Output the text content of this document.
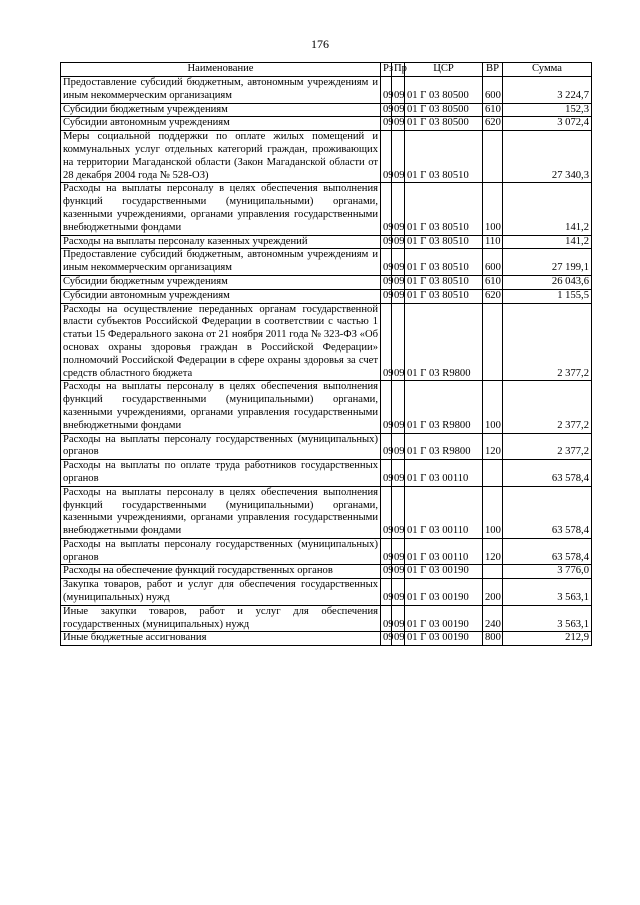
176
Наименование	Рз	Пр	ЦСР	ВР	Сумма
Предоставление субсидий бюджетным, автономным учреждениям и иным некоммерческим организациям	09	09	01 Г 03 80500	600	3 224,7
Субсидии бюджетным учреждениям	09	09	01 Г 03 80500	610	152,3
Субсидии автономным учреждениям	09	09	01 Г 03 80500	620	3 072,4
Меры социальной поддержки по оплате жилых помещений и коммунальных услуг отдельных категорий граждан, проживающих на территории Магаданской области (Закон Магаданской области от 28 декабря 2004 года № 528-ОЗ)	09	09	01 Г 03 80510		27 340,3
Расходы на выплаты персоналу в целях обеспечения выполнения функций государственными (муниципальными) органами, казенными учреждениями, органами управления государственными внебюджетными фондами	09	09	01 Г 03 80510	100	141,2
Расходы на выплаты персоналу казенных учреждений	09	09	01 Г 03 80510	110	141,2
Предоставление субсидий бюджетным, автономным учреждениям и иным некоммерческим организациям	09	09	01 Г 03 80510	600	27 199,1
Субсидии бюджетным учреждениям	09	09	01 Г 03 80510	610	26 043,6
Субсидии автономным учреждениям	09	09	01 Г 03 80510	620	1 155,5
Расходы на осуществление переданных органам государственной власти субъектов Российской Федерации в соответствии с частью 1 статьи 15 Федерального закона от 21 ноября 2011 года № 323-ФЗ «Об основах охраны здоровья граждан в Российской Федерации» полномочий Российской Федерации в сфере охраны здоровья за счет средств областного бюджета	09	09	01 Г 03 R9800		2 377,2
Расходы на выплаты персоналу в целях обеспечения выполнения функций государственными (муниципальными) органами, казенными учреждениями, органами управления государственными внебюджетными фондами	09	09	01 Г 03 R9800	100	2 377,2
Расходы на выплаты персоналу государственных (муниципальных) органов	09	09	01 Г 03 R9800	120	2 377,2
Расходы на выплаты по оплате труда работников государственных органов	09	09	01 Г 03 00110		63 578,4
Расходы на выплаты персоналу в целях обеспечения выполнения функций государственными (муниципальными) органами, казенными учреждениями, органами управления государственными внебюджетными фондами	09	09	01 Г 03 00110	100	63 578,4
Расходы на выплаты персоналу государственных (муниципальных) органов	09	09	01 Г 03 00110	120	63 578,4
Расходы на обеспечение функций государственных органов	09	09	01 Г 03 00190		3 776,0
Закупка товаров, работ и услуг для обеспечения государственных (муниципальных) нужд	09	09	01 Г 03 00190	200	3 563,1
Иные закупки товаров, работ и услуг для обеспечения государственных (муниципальных) нужд	09	09	01 Г 03 00190	240	3 563,1
Иные бюджетные ассигнования	09	09	01 Г 03 00190	800	212,9
